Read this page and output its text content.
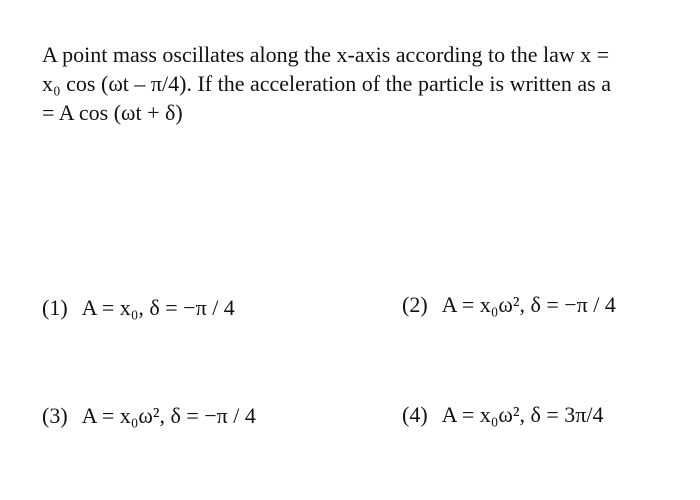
A point mass oscillates along the x-axis according to the law x =
x₀ cos (ωt – π/4). If the acceleration of the particle is written as a
= A cos (ωt + δ)
(1) A = x₀, δ = −π / 4	(2) A = x₀ω², δ = −π / 4
(3) A = x₀ω², δ = −π / 4	(4) A = x₀ω², δ = 3π/4
